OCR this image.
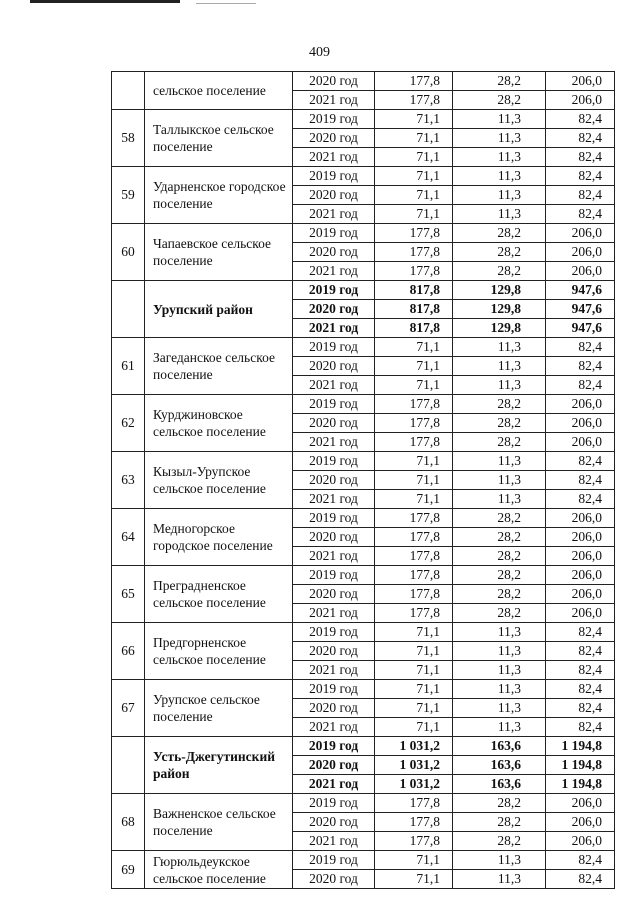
409
	сельское поселение	2020 год	177,8	28,2	206,0
		2021 год	177,8	28,2	206,0
58	Таллыкское сельское поселение	2019 год	71,1	11,3	82,4
		2020 год	71,1	11,3	82,4
		2021 год	71,1	11,3	82,4
59	Ударненское городское поселение	2019 год	71,1	11,3	82,4
		2020 год	71,1	11,3	82,4
		2021 год	71,1	11,3	82,4
60	Чапаевское сельское поселение	2019 год	177,8	28,2	206,0
		2020 год	177,8	28,2	206,0
		2021 год	177,8	28,2	206,0
	Урупский район	2019 год	817,8	129,8	947,6
		2020 год	817,8	129,8	947,6
		2021 год	817,8	129,8	947,6
61	Загеданское сельское поселение	2019 год	71,1	11,3	82,4
		2020 год	71,1	11,3	82,4
		2021 год	71,1	11,3	82,4
62	Курджиновское сельское поселение	2019 год	177,8	28,2	206,0
		2020 год	177,8	28,2	206,0
		2021 год	177,8	28,2	206,0
63	Кызыл-Урупское сельское поселение	2019 год	71,1	11,3	82,4
		2020 год	71,1	11,3	82,4
		2021 год	71,1	11,3	82,4
64	Медногорское городское поселение	2019 год	177,8	28,2	206,0
		2020 год	177,8	28,2	206,0
		2021 год	177,8	28,2	206,0
65	Преградненское сельское поселение	2019 год	177,8	28,2	206,0
		2020 год	177,8	28,2	206,0
		2021 год	177,8	28,2	206,0
66	Предгорненское сельское поселение	2019 год	71,1	11,3	82,4
		2020 год	71,1	11,3	82,4
		2021 год	71,1	11,3	82,4
67	Урупское сельское поселение	2019 год	71,1	11,3	82,4
		2020 год	71,1	11,3	82,4
		2021 год	71,1	11,3	82,4
	Усть-Джегутинский район	2019 год	1 031,2	163,6	1 194,8
		2020 год	1 031,2	163,6	1 194,8
		2021 год	1 031,2	163,6	1 194,8
68	Важненское сельское поселение	2019 год	177,8	28,2	206,0
		2020 год	177,8	28,2	206,0
		2021 год	177,8	28,2	206,0
69	Гюрюльдеукское сельское поселение	2019 год	71,1	11,3	82,4
		2020 год	71,1	11,3	82,4
